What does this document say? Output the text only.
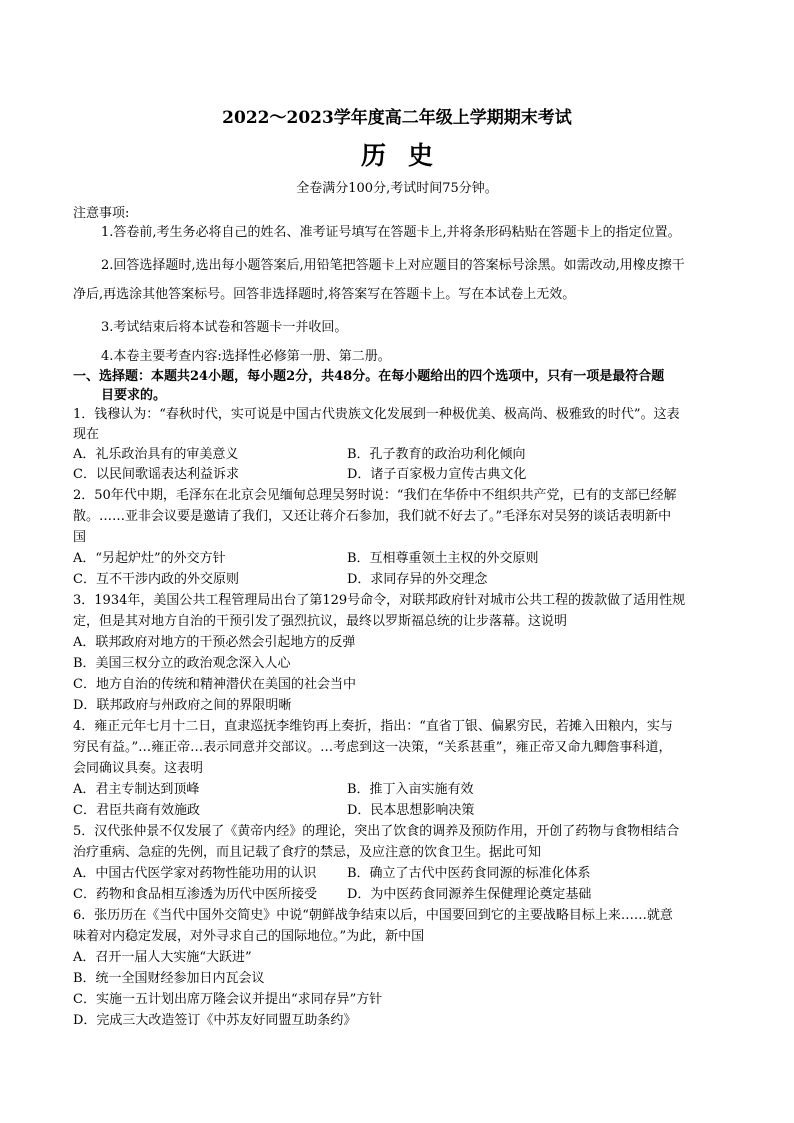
2022～2023学年度高二年级上学期期末考试
历史
全卷满分100分,考试时间75分钟。
注意事项:
1.答卷前,考生务必将自己的姓名、准考证号填写在答题卡上,并将条形码粘贴在答题卡上的指定位置。
2.回答选择题时,选出每小题答案后,用铅笔把答题卡上对应题目的答案标号涂黑。如需改动,用橡皮擦干
净后,再选涂其他答案标号。回答非选择题时,将答案写在答题卡上。写在本试卷上无效。
3.考试结束后将本试卷和答题卡一并收回。
4.本卷主要考查内容:选择性必修第一册、第二册。
一、选择题：本题共24小题，每小题2分，共48分。在每小题给出的四个选项中，只有一项是最符合题
目要求的。
1．钱穆认为：“春秋时代，实可说是中国古代贵族文化发展到一种极优美、极高尚、极雅致的时代”。这表
现在
A．礼乐政治具有的审美意义	B．孔子教育的政治功利化倾向
C．以民间歌谣表达利益诉求	D．诸子百家极力宣传古典文化
2．50年代中期，毛泽东在北京会见缅甸总理吴努时说：“我们在华侨中不组织共产党，已有的支部已经解
散。……亚非会议要是邀请了我们，又还让蒋介石参加，我们就不好去了。”毛泽东对吴努的谈话表明新中
国
A．“另起炉灶”的外交方针	B．互相尊重领土主权的外交原则
C．互不干涉内政的外交原则	D．求同存异的外交理念
3．1934年，美国公共工程管理局出台了第129号命令，对联邦政府针对城市公共工程的拨款做了适用性规
定，但是其对地方自治的干预引发了强烈抗议，最终以罗斯福总统的让步落幕。这说明
A．联邦政府对地方的干预必然会引起地方的反弹
B．美国三权分立的政治观念深入人心
C．地方自治的传统和精神潜伏在美国的社会当中
D．联邦政府与州政府之间的界限明晰
4．雍正元年七月十二日，直隶巡抚李维钧再上奏折，指出：“直省丁银、偏累穷民，若摊入田粮内，实与
穷民有益。”…雍正帝…表示同意并交部议。…考虑到这一决策，“关系甚重”，雍正帝又命九卿詹事科道，
会同确议具奏。这表明
A．君主专制达到顶峰	B．推丁入亩实施有效
C．君臣共商有效施政	D．民本思想影响决策
5．汉代张仲景不仅发展了《黄帝内经》的理论，突出了饮食的调养及预防作用，开创了药物与食物相结合
治疗重病、急症的先例，而且记载了食疗的禁忌，及应注意的饮食卫生。据此可知
A．中国古代医学家对药物性能功用的认识 B．确立了古代中医药食同源的标准化体系
C．药物和食品相互渗透为历代中医所接受 D．为中医药食同源养生保健理论奠定基础
6．张历历在《当代中国外交简史》中说“朝鲜战争结束以后，中国要回到它的主要战略目标上来……就意
味着对内稳定发展，对外寻求自己的国际地位。”为此，新中国
A．召开一届人大实施“大跃进”
B．统一全国财经参加日内瓦会议
C．实施一五计划出席万隆会议并提出“求同存异”方针
D．完成三大改造签订《中苏友好同盟互助条约》
